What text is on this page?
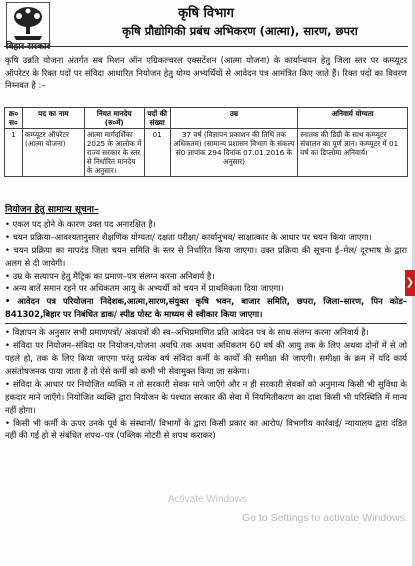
बिहार सरकार
कृषि विभाग
कृषि प्रौद्योगिकी प्रबंध अभिकरण (आत्मा), सारण, छपरा

कृषि उन्नति योजना अंतर्गत सब मिशन ऑन एग्रिकल्चरल एक्सटेंशन (आत्मा योजना) के कार्यान्वयन हेतु जिला स्तर पर कम्प्यूटर ऑपरेटर के रिक्त पदों पर संविदा आधारित नियोजन हेतु योग्य अभ्यर्थियों से आवेदन पत्र आमंत्रित किए जाते हैं। रिक्त पदों का विवरण निम्नवत है :–

क्र० स०	पद का नाम	नियत मानदेय (रु०में)	पदों की संख्या	उम्र	अनिवार्य योग्यता
1	कम्प्यूटर ऑपरेटर (आत्मा योजना)	आत्मा मार्गदर्शिका 2025 के आलोक में राज्य सरकार के स्तर से निर्धारित मानदेय के अनुसार।	01	37 वर्ष (विज्ञापन प्रकाशन की तिथि तक अधिकतम) (सामान्य प्रशासन विभाग के संकल्प सं0 ज्ञापांक 294 दिनांक 07.01.2016 के अनुसार)	स्नातक की डिग्री के साथ कम्प्यूटर संचालन का पूर्ण ज्ञान। कम्प्यूटर में 01 वर्ष का डिप्लोमा अनिवार्य।
नियोजन हेतु सामान्य सूचना–

• एकल पद होने के कारण उक्त पद अनारक्षित है।

• चयन प्रक्रिया–आवश्यतानुसार शैक्षणिक योग्यता/ दक्षता परीक्षा/ कार्यानुभव/ साक्षात्कार के आधार पर चयन किया जाएगा।

• चयन प्रक्रिया का मापदंड जिला चयन समिति के स्तर से निर्धारित किया जाएगा। उक्त प्रक्रिया की सूचना ई–मेल/ दूरभाष के द्वारा अलग से दी जायेगी।

• उम्र के सत्यापन हेतु मैट्रिक का प्रमाण–पत्र संलग्न करना अनिवार्य है।

• अन्य बातें समान रहने पर अधिकतम आयु के अभ्यर्थी को चयन में प्राथमिकता दिया जाएगा।

• आवेदन पत्र परियोजना निदेशक,आत्मा,सारण,संयुक्त कृषि भवन, बाजार समिति, छपरा, जिला–सारण, पिन कोड–841302,बिहार पर निबंधित डाक/ स्पीड पोस्ट के माध्यम से स्वीकार किया जाएगा।

• विज्ञापन के अनुसार सभी प्रमाणपत्रों/ अंकपत्रों की स्व–अभिप्रमाणित प्रति आवेदन पत्र के साथ संलग्न करना अनिवार्य है।

• संविदा पर नियोजन–संविदा पर नियोजन,योजना अवधि तक अथवा अधिकतम 60 वर्ष की आयु तक के लिए अथवा दोनों में से जो पहले हो, तक के लिए किया जाएगा परंतु प्रत्येक वर्ष संविदा कर्मी के कार्यों की समीक्षा की जाएगी। समीक्षा के क्रम में यदि कार्य असंतोषजनक पाया जाता है तो ऐसे कर्मी को कभी भी सेवामुक्त किया जा सकेगा।

• संविदा के आधार पर नियोजित व्यक्ति न तो सरकारी सेवक माने जाएँगे और न ही सरकारी सेवकों को अनुमान्य किसी भी सुविधा के हकदार माने जाएँगे। नियोजित व्यक्ति द्वारा नियोजन के पश्चात सरकार की सेवा में नियमितीकरण का दावा किसी भी परिस्थिति में मान्य नहीं होगा।

• किसी भी कर्मी के ऊपर उनके पूर्व के संस्थानों/ विभागों के द्वारा किसी प्रकार का आरोप/ विभागीय कार्रवाई/ न्यायालय द्वारा दंडित नहीं की गई हो से संबंधित शपथ–पत्र (पब्लिक नोटरी से शपथ कराकर)

Activate Windows
Go to Settings to activate Windows.
❯
